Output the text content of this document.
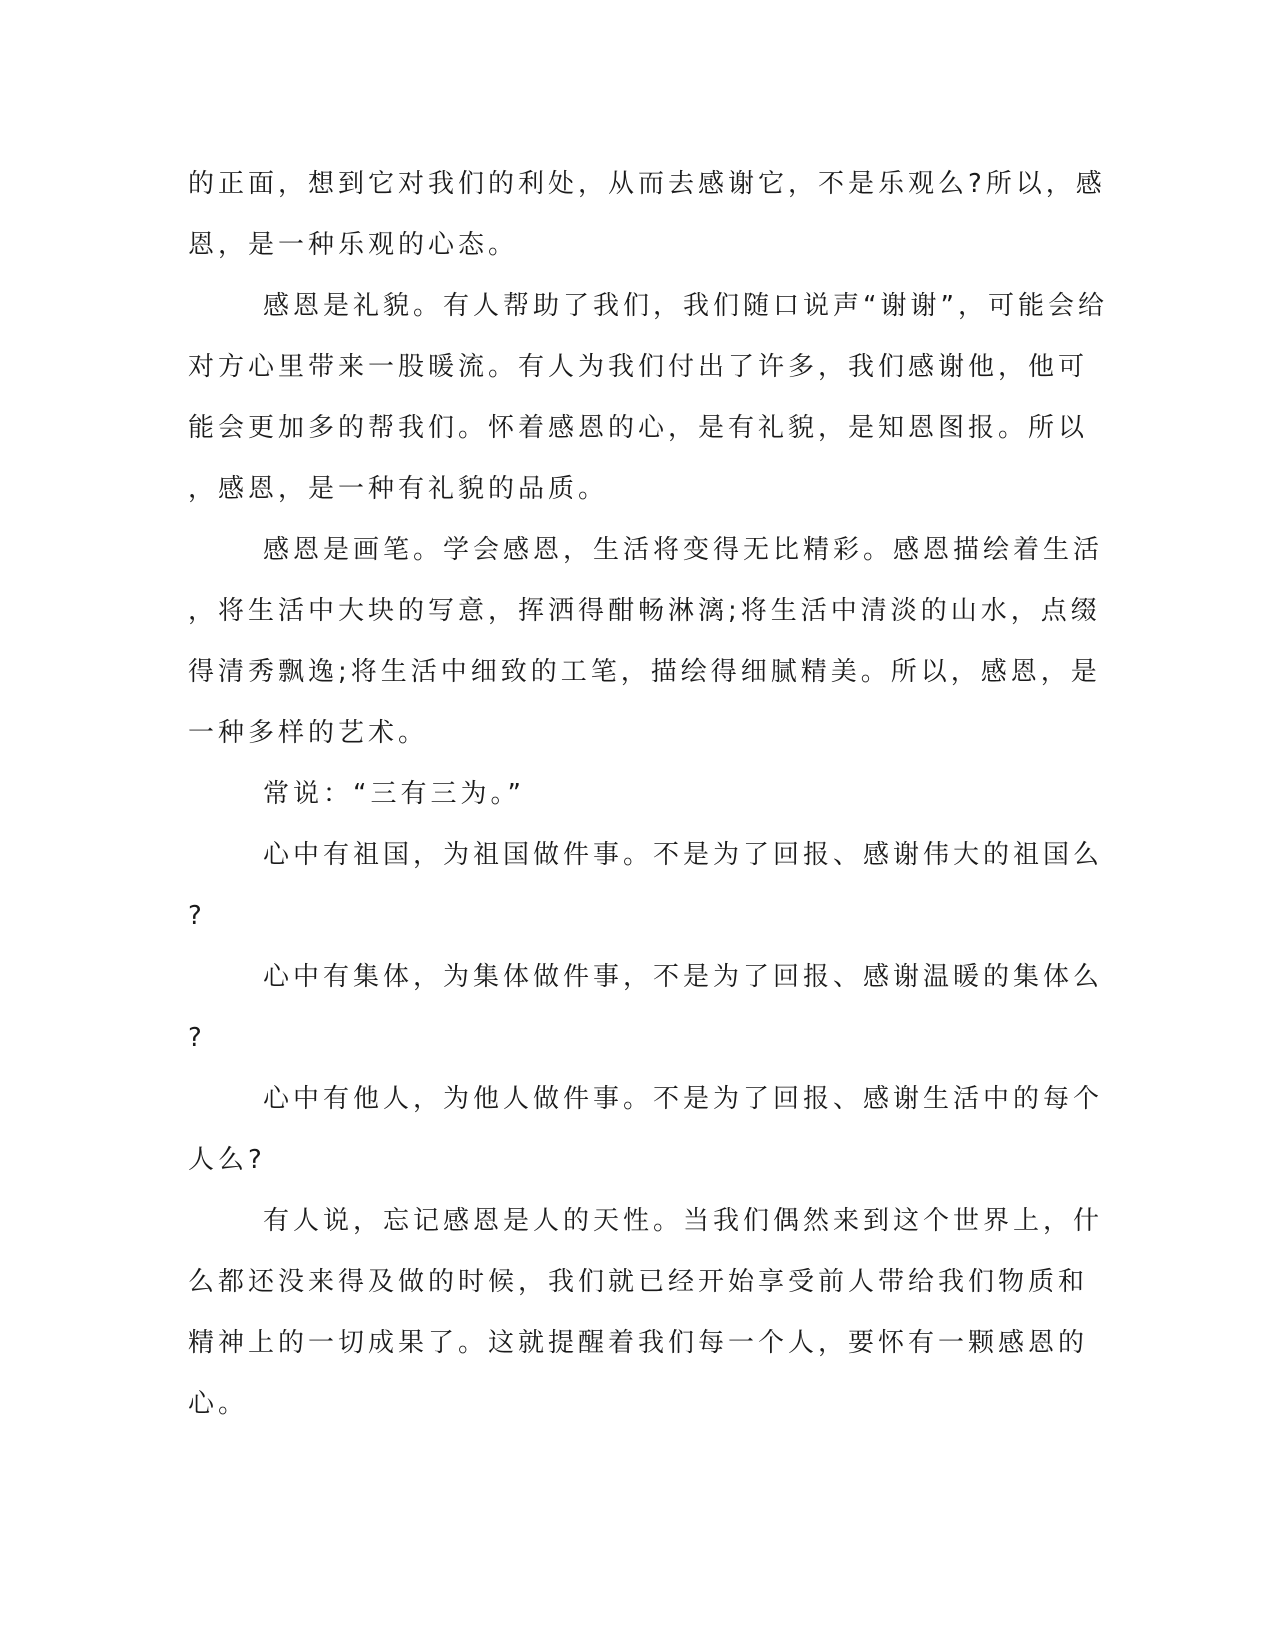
的正面，想到它对我们的利处，从而去感谢它，不是乐观么?所以，感
恩，是一种乐观的心态。
感恩是礼貌。有人帮助了我们，我们随口说声“谢谢”，可能会给
对方心里带来一股暖流。有人为我们付出了许多，我们感谢他，他可
能会更加多的帮我们。怀着感恩的心，是有礼貌，是知恩图报。所以
，感恩，是一种有礼貌的品质。
感恩是画笔。学会感恩，生活将变得无比精彩。感恩描绘着生活
，将生活中大块的写意，挥洒得酣畅淋漓;将生活中清淡的山水，点缀
得清秀飘逸;将生活中细致的工笔，描绘得细腻精美。所以，感恩，是
一种多样的艺术。
常说：“三有三为。”
心中有祖国，为祖国做件事。不是为了回报、感谢伟大的祖国么
?
心中有集体，为集体做件事，不是为了回报、感谢温暖的集体么
?
心中有他人，为他人做件事。不是为了回报、感谢生活中的每个
人么?
有人说，忘记感恩是人的天性。当我们偶然来到这个世界上，什
么都还没来得及做的时候，我们就已经开始享受前人带给我们物质和
精神上的一切成果了。这就提醒着我们每一个人，要怀有一颗感恩的
心。
